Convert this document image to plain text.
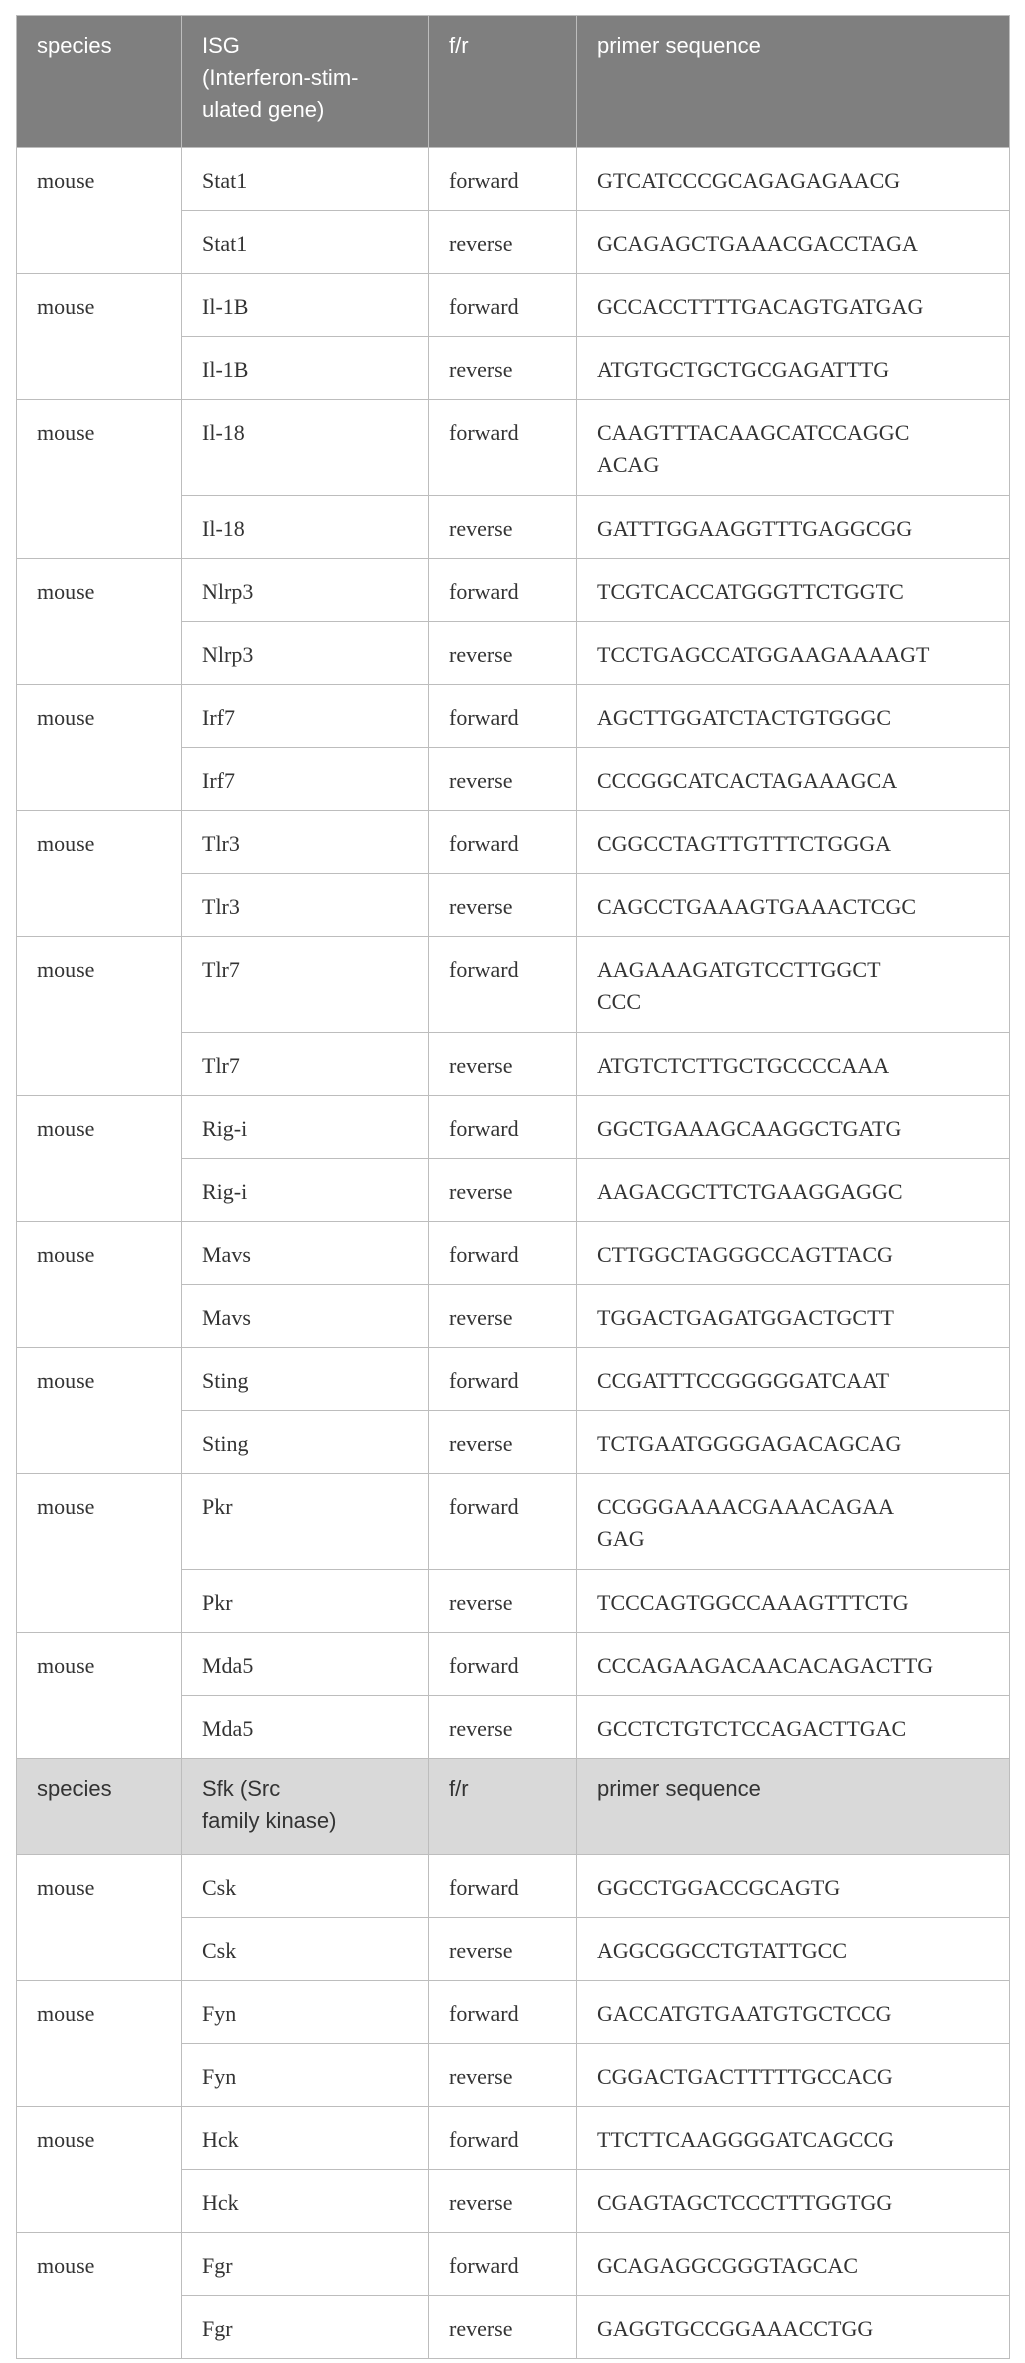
species	ISG
(Interferon-stim-
ulated gene)	f/r	primer sequence
mouse	Stat1	forward	GTCATCCCGCAGAGAGAACG
	Stat1	reverse	GCAGAGCTGAAACGACCTAGA
mouse	Il-1B	forward	GCCACCTTTTGACAGTGATGAG
	Il-1B	reverse	ATGTGCTGCTGCGAGATTTG
mouse	Il-18	forward	CAAGTTTACAAGCATCCAGGC
ACAG
	Il-18	reverse	GATTTGGAAGGTTTGAGGCGG
mouse	Nlrp3	forward	TCGTCACCATGGGTTCTGGTC
	Nlrp3	reverse	TCCTGAGCCATGGAAGAAAAGT
mouse	Irf7	forward	AGCTTGGATCTACTGTGGGC
	Irf7	reverse	CCCGGCATCACTAGAAAGCA
mouse	Tlr3	forward	CGGCCTAGTTGTTTCTGGGA
	Tlr3	reverse	CAGCCTGAAAGTGAAACTCGC
mouse	Tlr7	forward	AAGAAAGATGTCCTTGGCT
CCC
	Tlr7	reverse	ATGTCTCTTGCTGCCCCAAA
mouse	Rig-i	forward	GGCTGAAAGCAAGGCTGATG
	Rig-i	reverse	AAGACGCTTCTGAAGGAGGC
mouse	Mavs	forward	CTTGGCTAGGGCCAGTTACG
	Mavs	reverse	TGGACTGAGATGGACTGCTT
mouse	Sting	forward	CCGATTTCCGGGGGATCAAT
	Sting	reverse	TCTGAATGGGGAGACAGCAG
mouse	Pkr	forward	CCGGGAAAACGAAACAGAA
GAG
	Pkr	reverse	TCCCAGTGGCCAAAGTTTCTG
mouse	Mda5	forward	CCCAGAAGACAACACAGACTTG
	Mda5	reverse	GCCTCTGTCTCCAGACTTGAC
species	Sfk (Src
family kinase)	f/r	primer sequence
mouse	Csk	forward	GGCCTGGACCGCAGTG
	Csk	reverse	AGGCGGCCTGTATTGCC
mouse	Fyn	forward	GACCATGTGAATGTGCTCCG
	Fyn	reverse	CGGACTGACTTTTTGCCACG
mouse	Hck	forward	TTCTTCAAGGGGATCAGCCG
	Hck	reverse	CGAGTAGCTCCCTTTGGTGG
mouse	Fgr	forward	GCAGAGGCGGGTAGCAC
	Fgr	reverse	GAGGTGCCGGAAACCTGG
